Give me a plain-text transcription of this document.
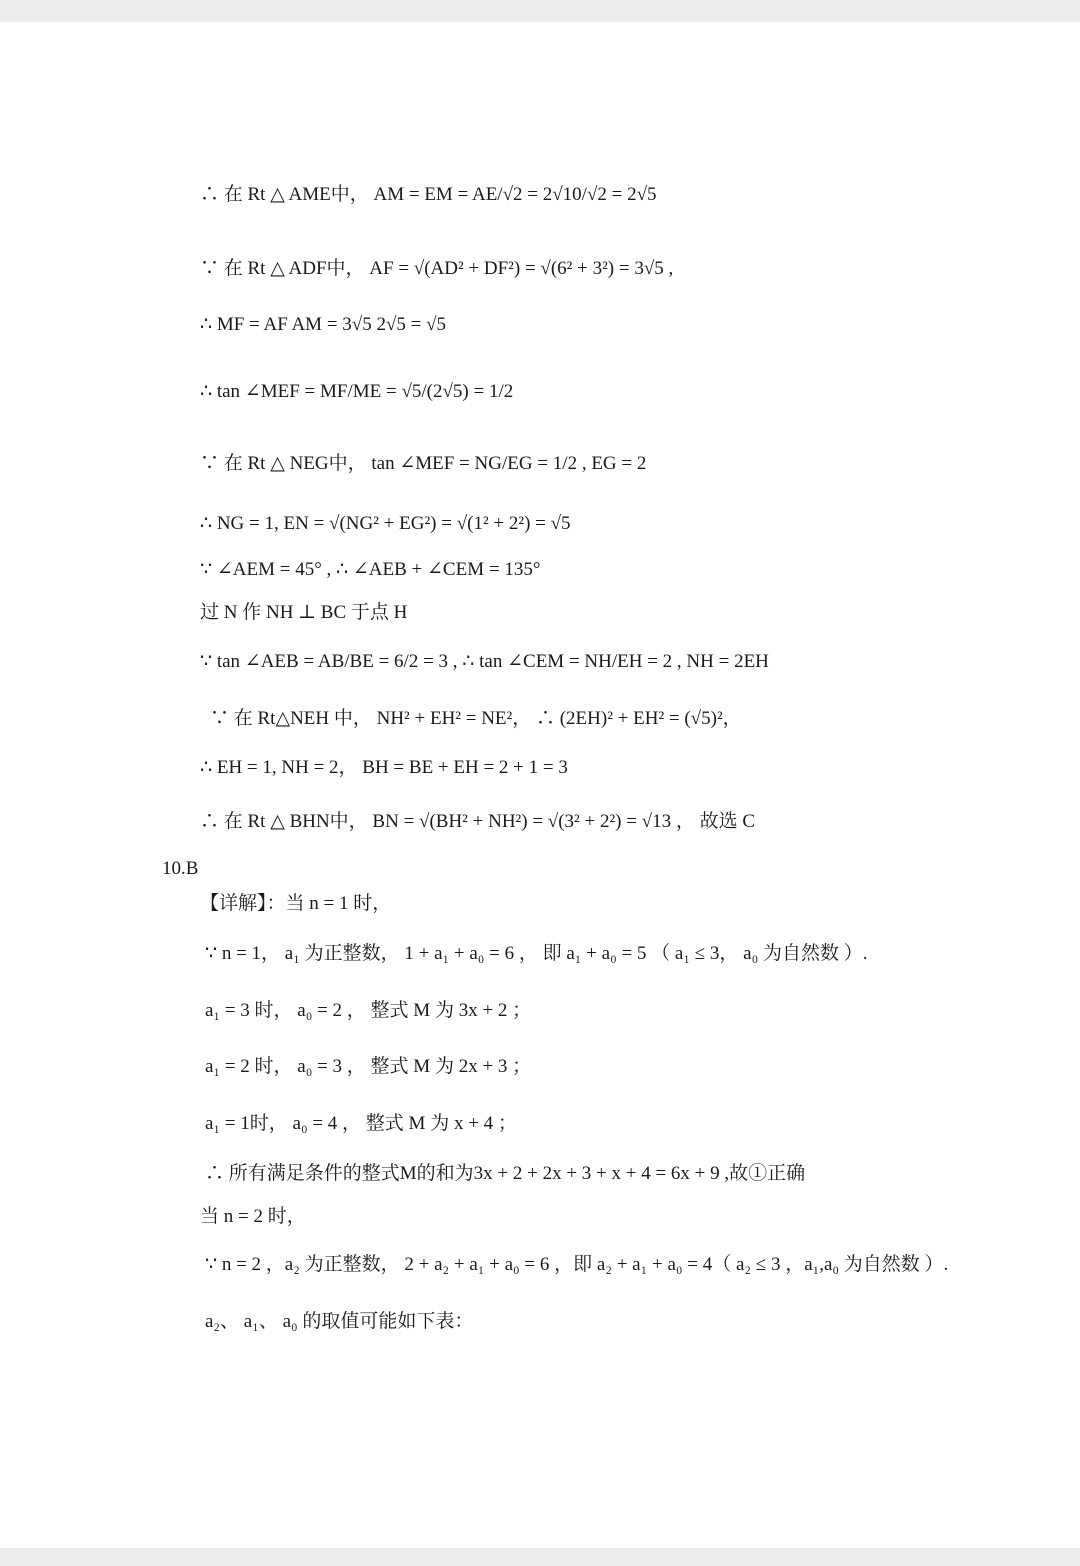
∴ 在 Rt △ AME中， AM = EM = AE/√2 = 2√10/√2 = 2√5
∵ 在 Rt △ ADF中， AF = √(AD² + DF²) = √(6² + 3²) = 3√5 ,
∴ MF = AF AM = 3√5 2√5 = √5
∴ tan ∠MEF = MF/ME = √5/(2√5) = 1/2
∵ 在 Rt △ NEG中， tan ∠MEF = NG/EG = 1/2 , EG = 2
∴ NG = 1, EN = √(NG² + EG²) = √(1² + 2²) = √5
∵ ∠AEM = 45° , ∴ ∠AEB + ∠CEM = 135°
过 N 作 NH ⊥ BC 于点 H
∵ tan ∠AEB = AB/BE = 6/2 = 3 , ∴ tan ∠CEM = NH/EH = 2 , NH = 2EH
∵ 在 Rt△NEH 中， NH² + EH² = NE²， ∴ (2EH)² + EH² = (√5)²，
∴ EH = 1, NH = 2， BH = BE + EH = 2 + 1 = 3
∴ 在 Rt △ BHN中， BN = √(BH² + NH²) = √(3² + 2²) = √13 ， 故选 C
10.B
【详解】：当 n = 1 时，
∵ n = 1， a₁ 为正整数， 1 + a₁ + a₀ = 6 ， 即 a₁ + a₀ = 5 （ a₁ ≤ 3， a₀ 为自然数 ）.
a₁ = 3 时， a₀ = 2 ， 整式 M 为 3x + 2 ；
a₁ = 2 时， a₀ = 3 ， 整式 M 为 2x + 3 ；
a₁ = 1时， a₀ = 4 ， 整式 M 为 x + 4 ；
∴ 所有满足条件的整式M的和为3x + 2 + 2x + 3 + x + 4 = 6x + 9 ,故①正确
当 n = 2 时，
∵ n = 2 ，a₂ 为正整数， 2 + a₂ + a₁ + a₀ = 6 ，即 a₂ + a₁ + a₀ = 4（ a₂ ≤ 3 ，a₁,a₀ 为自然数 ）.
a₂、 a₁、 a₀ 的取值可能如下表：
